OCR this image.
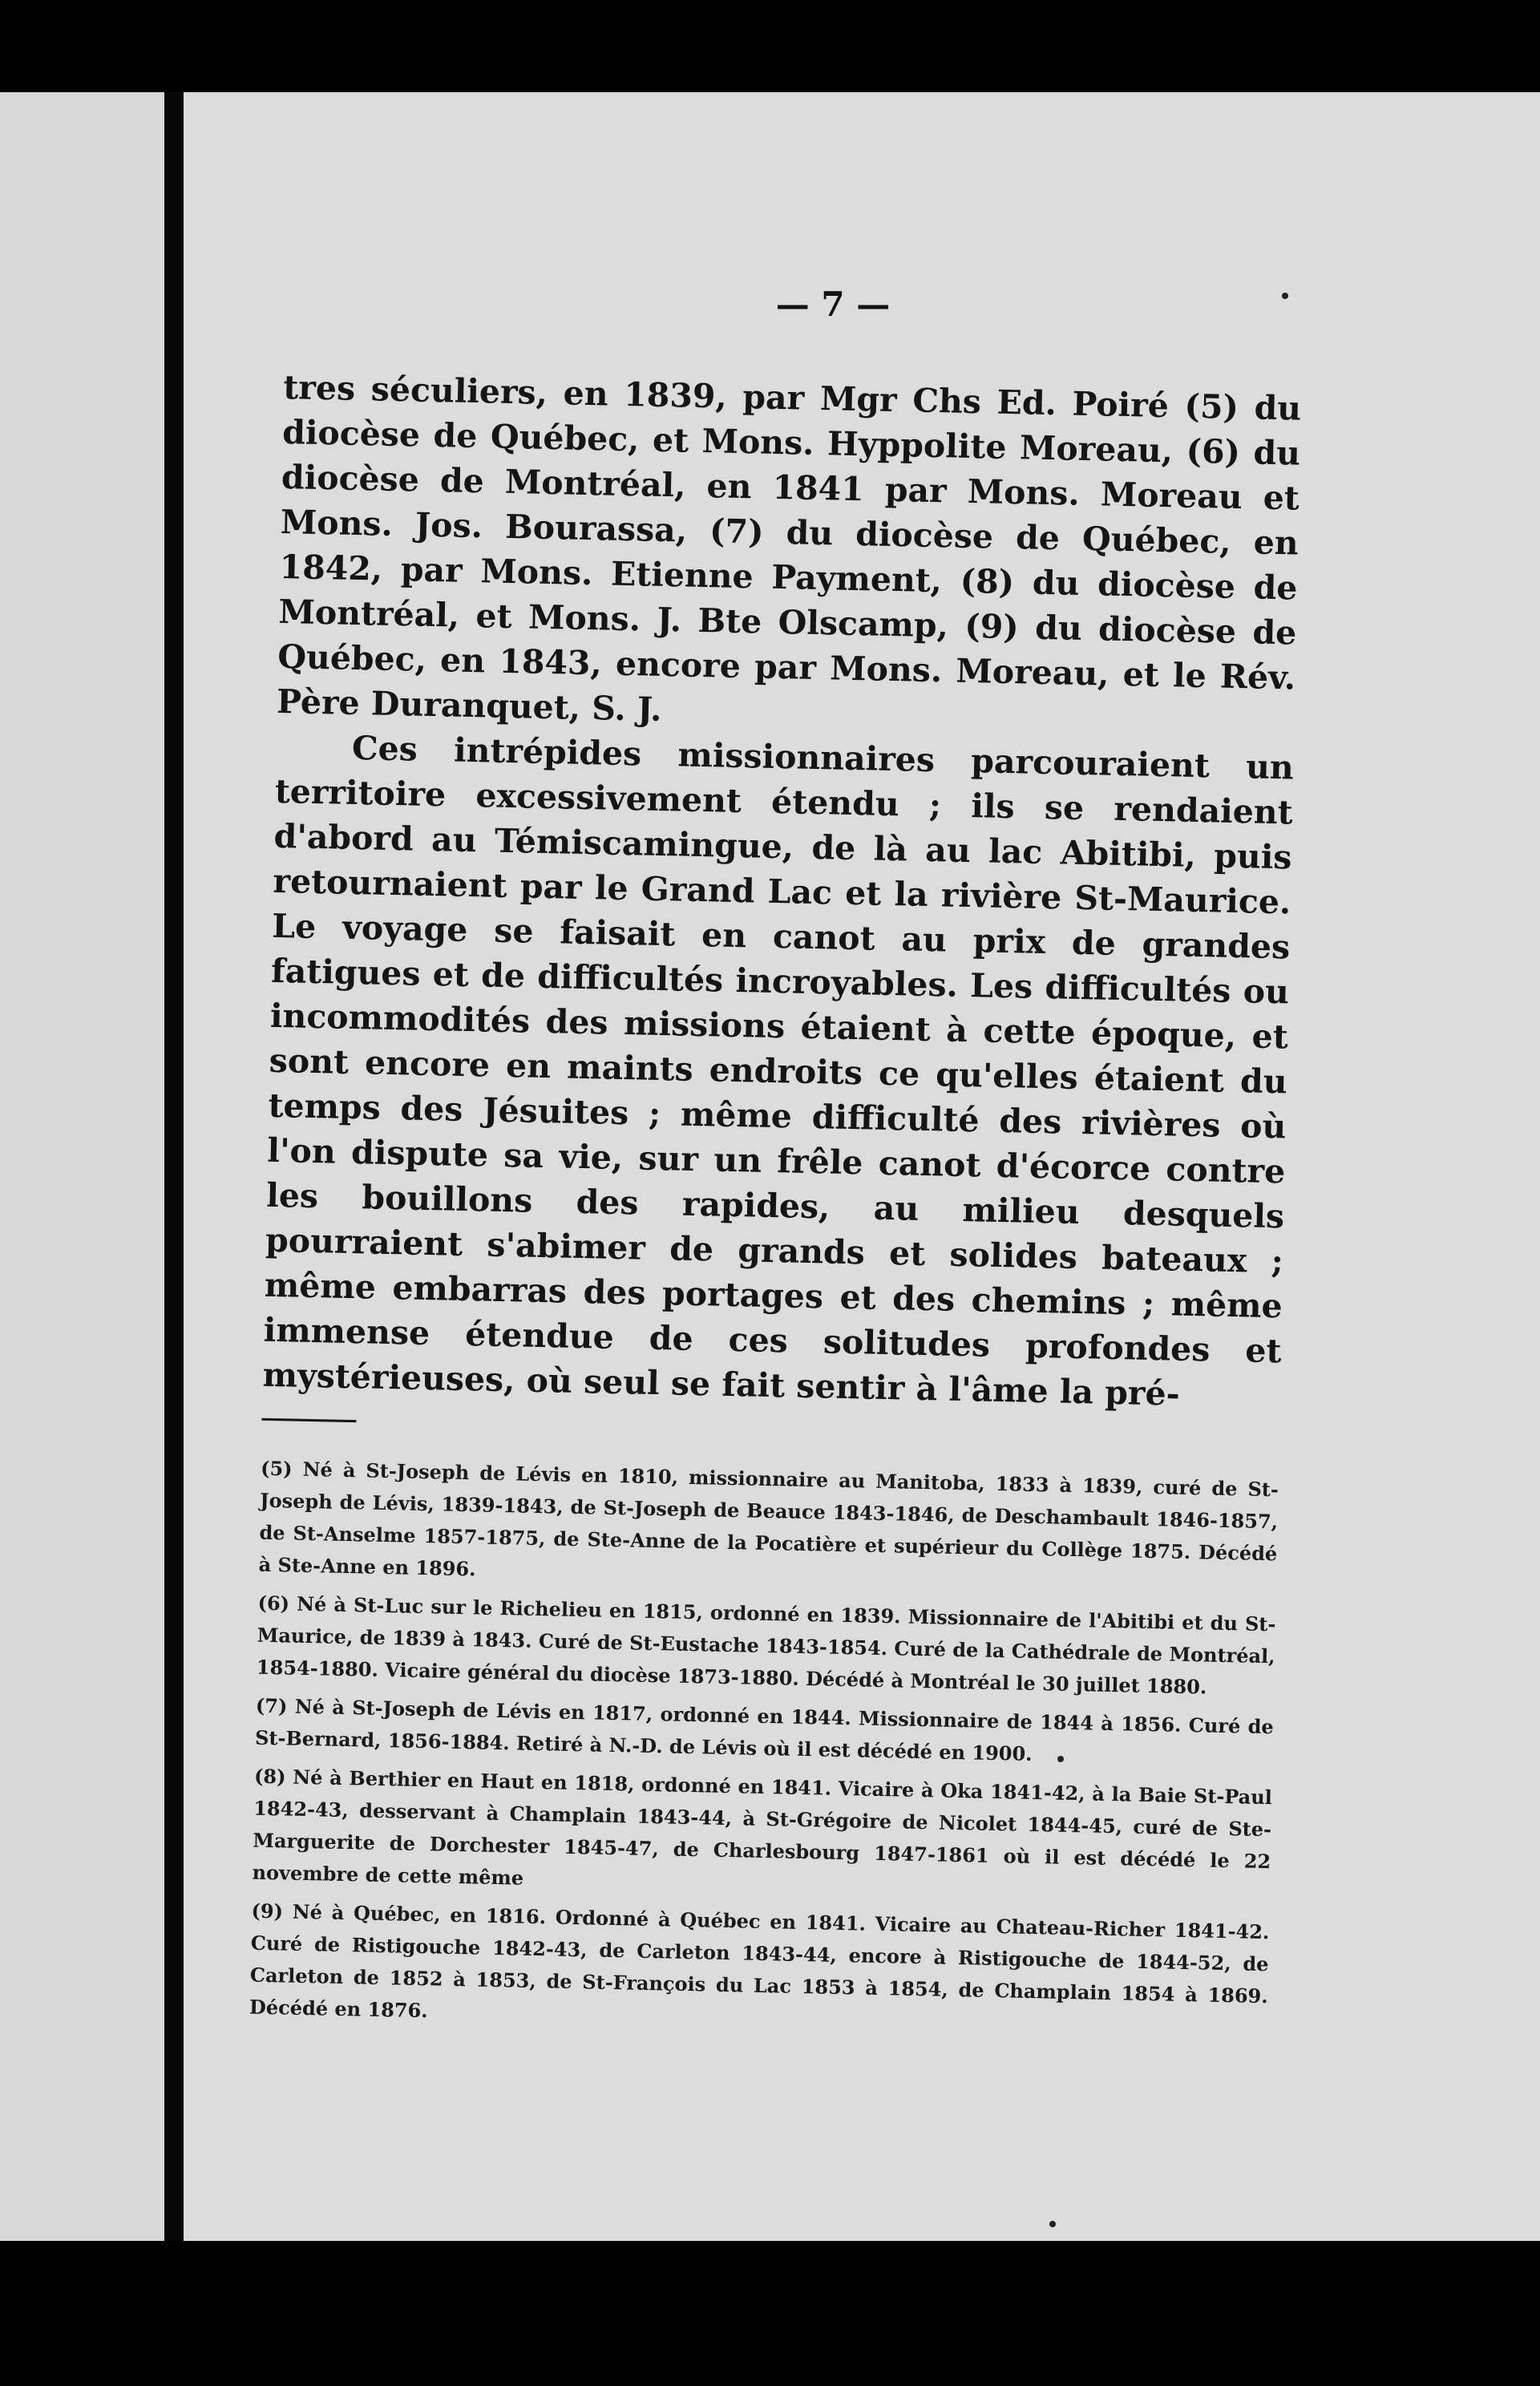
— 7 —

tres séculiers, en 1839, par Mgr Chs Ed. Poiré (5) du diocèse de Québec, et Mons. Hyppolite Moreau, (6) du diocèse de Montréal, en 1841 par Mons. Moreau et Mons. Jos. Bourassa, (7) du diocèse de Québec, en 1842, par Mons. Etienne Payment, (8) du diocèse de Montréal, et Mons. J. Bte Olscamp, (9) du diocèse de Québec, en 1843, encore par Mons. Moreau, et le Rév. Père Duranquet, S. J.

Ces intrépides missionnaires parcouraient un territoire excessivement étendu ; ils se rendaient d'abord au Témiscamingue, de là au lac Abitibi, puis retournaient par le Grand Lac et la rivière St-Maurice. Le voyage se faisait en canot au prix de grandes fatigues et de difficultés incroyables. Les difficultés ou incommodités des missions étaient à cette époque, et sont encore en maints endroits ce qu'elles étaient du temps des Jésuites ; même difficulté des rivières où l'on dispute sa vie, sur un frêle canot d'écorce contre les bouillons des rapides, au milieu desquels pourraient s'abimer de grands et solides bateaux ; même embarras des portages et des chemins ; même immense étendue de ces solitudes profondes et mystérieuses, où seul se fait sentir à l'âme la pré-

(5) Né à St-Joseph de Lévis en 1810, missionnaire au Manitoba, 1833 à 1839, curé de St-Joseph de Lévis, 1839-1843, de St-Joseph de Beauce 1843-1846, de Deschambault 1846-1857, de St-Anselme 1857-1875, de Ste-Anne de la Pocatière et supérieur du Collège 1875. Décédé à Ste-Anne en 1896.

(6) Né à St-Luc sur le Richelieu en 1815, ordonné en 1839. Missionnaire de l'Abitibi et du St-Maurice, de 1839 à 1843. Curé de St-Eustache 1843-1854. Curé de la Cathédrale de Montréal, 1854-1880. Vicaire général du diocèse 1873-1880. Décédé à Montréal le 30 juillet 1880.

(7) Né à St-Joseph de Lévis en 1817, ordonné en 1844. Missionnaire de 1844 à 1856. Curé de St-Bernard, 1856-1884. Retiré à N.-D. de Lévis où il est décédé en 1900.

(8) Né à Berthier en Haut en 1818, ordonné en 1841. Vicaire à Oka 1841-42, à la Baie St-Paul 1842-43, desservant à Champlain 1843-44, à St-Grégoire de Nicolet 1844-45, curé de Ste-Marguerite de Dorchester 1845-47, de Charlesbourg 1847-1861 où il est décédé le 22 novembre de cette même

(9) Né à Québec, en 1816. Ordonné à Québec en 1841. Vicaire au Chateau-Richer 1841-42. Curé de Ristigouche 1842-43, de Carleton 1843-44, encore à Ristigouche de 1844-52, de Carleton de 1852 à 1853, de St-François du Lac 1853 à 1854, de Champlain 1854 à 1869. Décédé en 1876.
